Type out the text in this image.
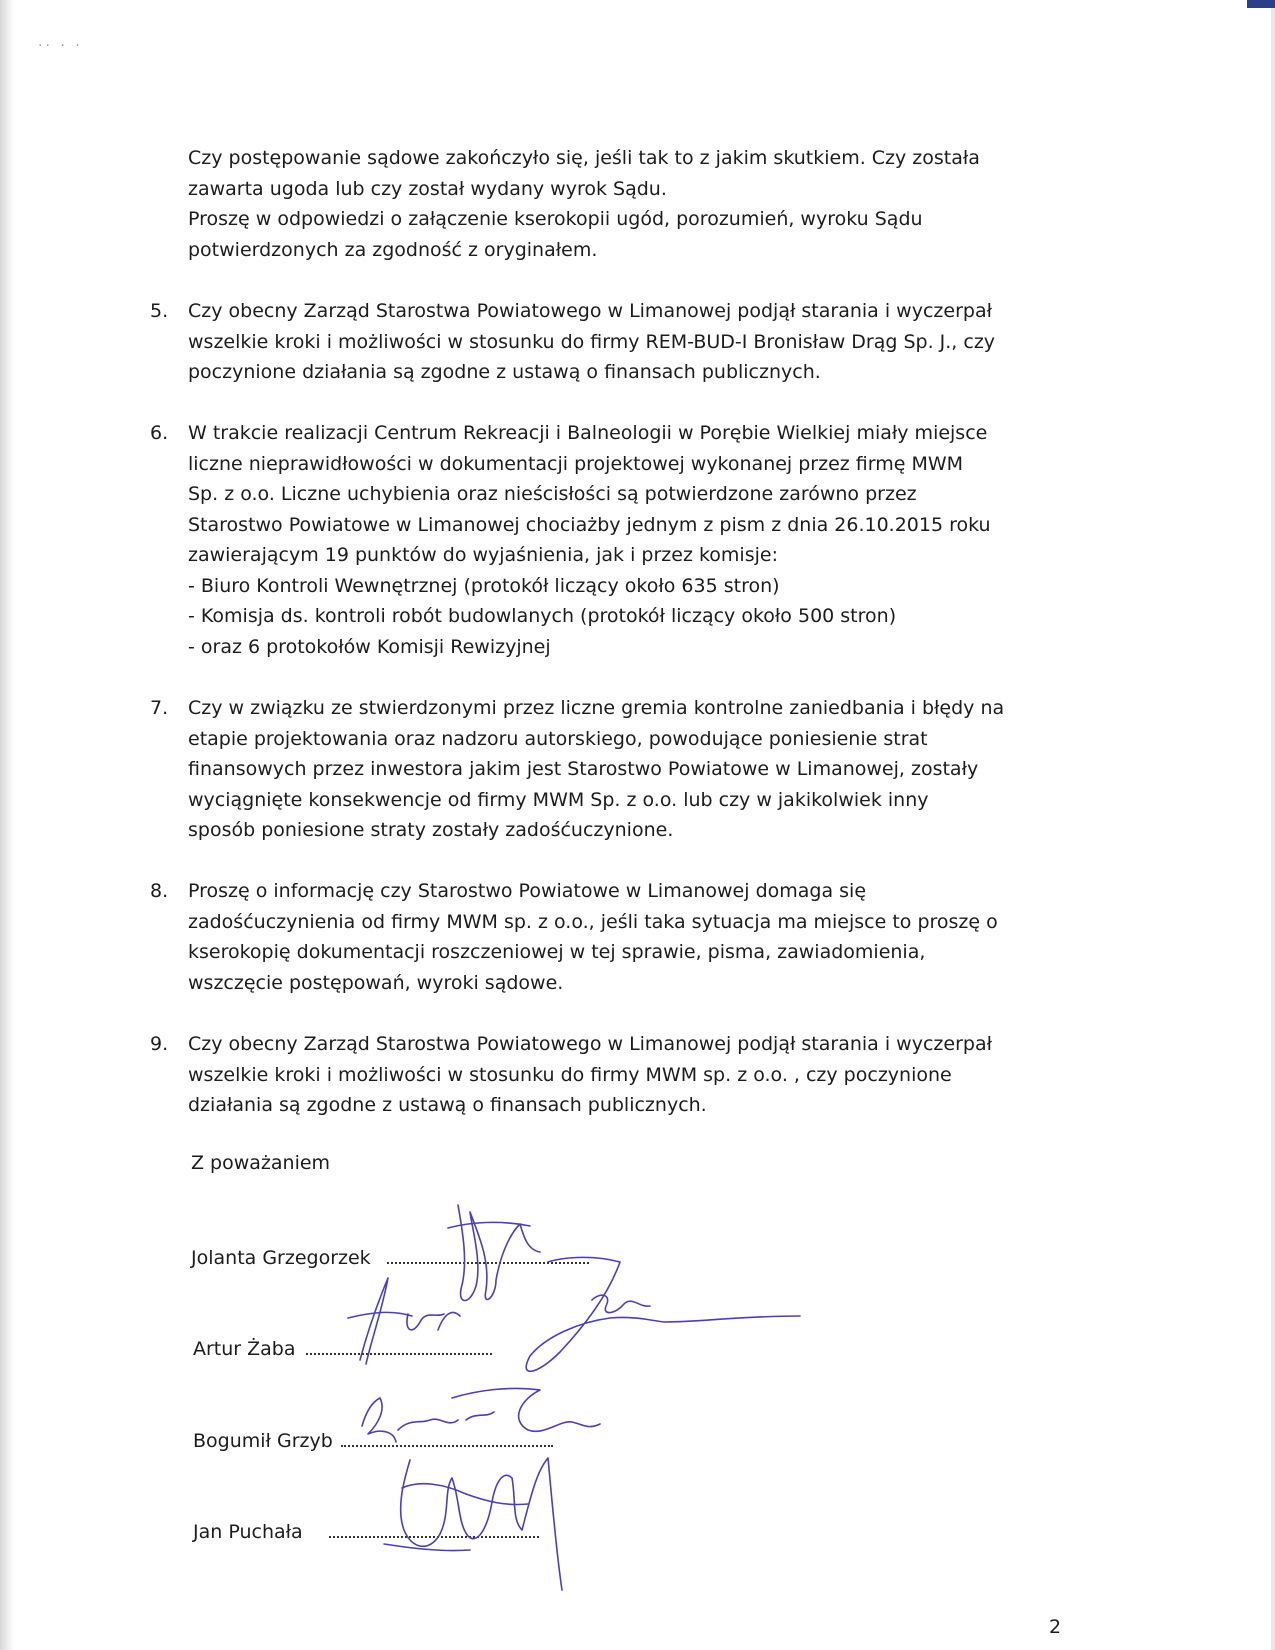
⋅⋅ ⋅ ⋅
Czy postępowanie sądowe zakończyło się, jeśli tak to z jakim skutkiem. Czy została
zawarta ugoda lub czy został wydany wyrok Sądu.
Proszę w odpowiedzi o załączenie kserokopii ugód, porozumień, wyroku Sądu
potwierdzonych za zgodność z oryginałem.
5. Czy obecny Zarząd Starostwa Powiatowego w Limanowej podjął starania i wyczerpał
wszelkie kroki i możliwości w stosunku do firmy REM-BUD-I Bronisław Drąg Sp. J., czy
poczynione działania są zgodne z ustawą o finansach publicznych.
6. W trakcie realizacji Centrum Rekreacji i Balneologii w Porębie Wielkiej miały miejsce
liczne nieprawidłowości w dokumentacji projektowej wykonanej przez firmę MWM
Sp. z o.o. Liczne uchybienia oraz nieścisłości są potwierdzone zarówno przez
Starostwo Powiatowe w Limanowej chociażby jednym z pism z dnia 26.10.2015 roku
zawierającym 19 punktów do wyjaśnienia, jak i przez komisje:
- Biuro Kontroli Wewnętrznej (protokół liczący około 635 stron)
- Komisja ds. kontroli robót budowlanych (protokół liczący około 500 stron)
- oraz 6 protokołów Komisji Rewizyjnej
7. Czy w związku ze stwierdzonymi przez liczne gremia kontrolne zaniedbania i błędy na
etapie projektowania oraz nadzoru autorskiego, powodujące poniesienie strat
finansowych przez inwestora jakim jest Starostwo Powiatowe w Limanowej, zostały
wyciągnięte konsekwencje od firmy MWM Sp. z o.o. lub czy w jakikolwiek inny
sposób poniesione straty zostały zadośćuczynione.
8. Proszę o informację czy Starostwo Powiatowe w Limanowej domaga się
zadośćuczynienia od firmy MWM sp. z o.o., jeśli taka sytuacja ma miejsce to proszę o
kserokopię dokumentacji roszczeniowej w tej sprawie, pisma, zawiadomienia,
wszczęcie postępowań, wyroki sądowe.
9. Czy obecny Zarząd Starostwa Powiatowego w Limanowej podjął starania i wyczerpał
wszelkie kroki i możliwości w stosunku do firmy MWM sp. z o.o. , czy poczynione
działania są zgodne z ustawą o finansach publicznych.
Z poważaniem
Jolanta Grzegorzek
Artur Żaba
Bogumił Grzyb
Jan Puchała
2
